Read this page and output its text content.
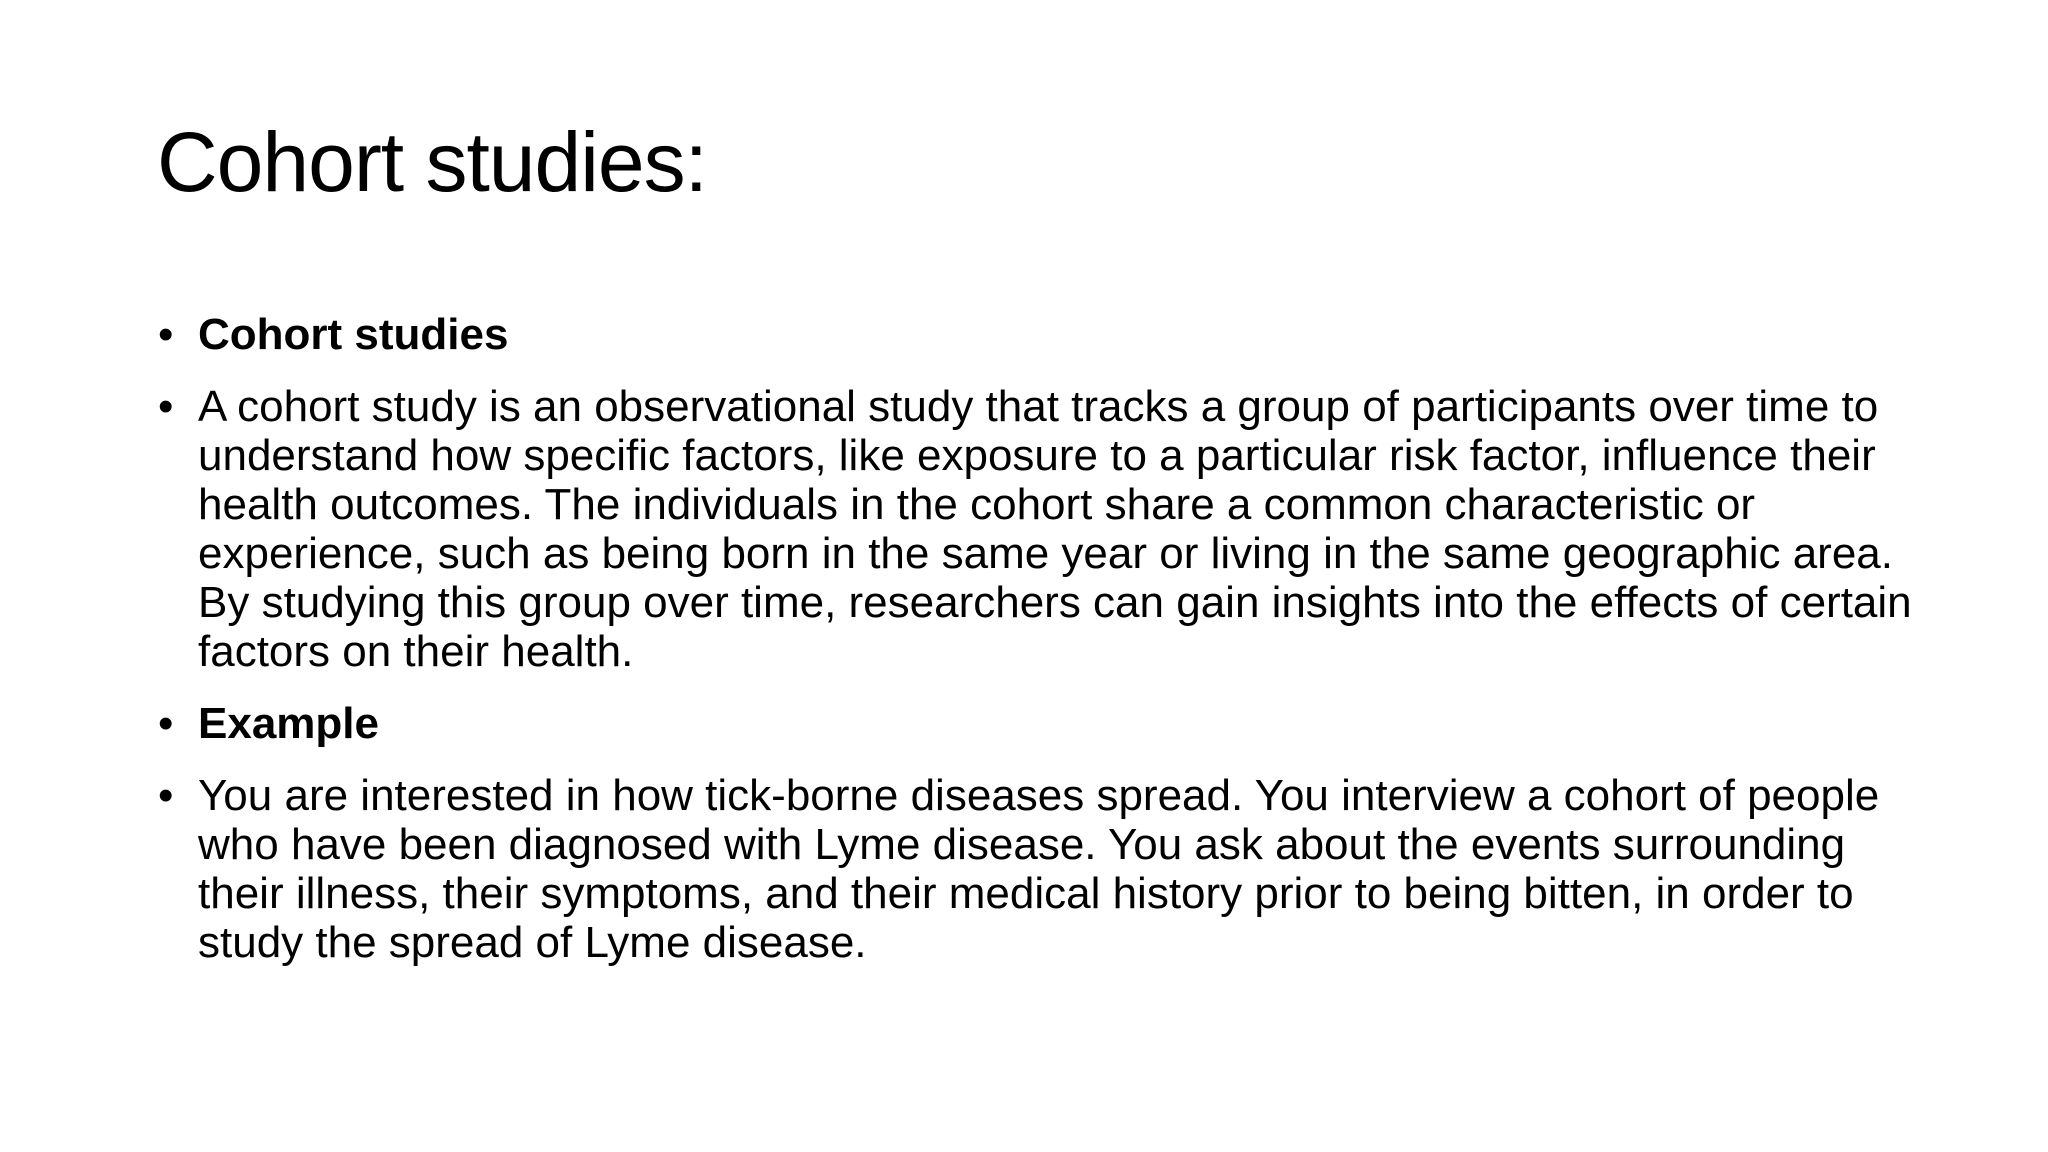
Cohort studies:
• Cohort studies
• A cohort study is an observational study that tracks a group of participants over time to understand how specific factors, like exposure to a particular risk factor, influence their health outcomes. The individuals in the cohort share a common characteristic or experience, such as being born in the same year or living in the same geographic area. By studying this group over time, researchers can gain insights into the effects of certain factors on their health.
• Example
• You are interested in how tick-borne diseases spread. You interview a cohort of people who have been diagnosed with Lyme disease. You ask about the events surrounding their illness, their symptoms, and their medical history prior to being bitten, in order to study the spread of Lyme disease.
